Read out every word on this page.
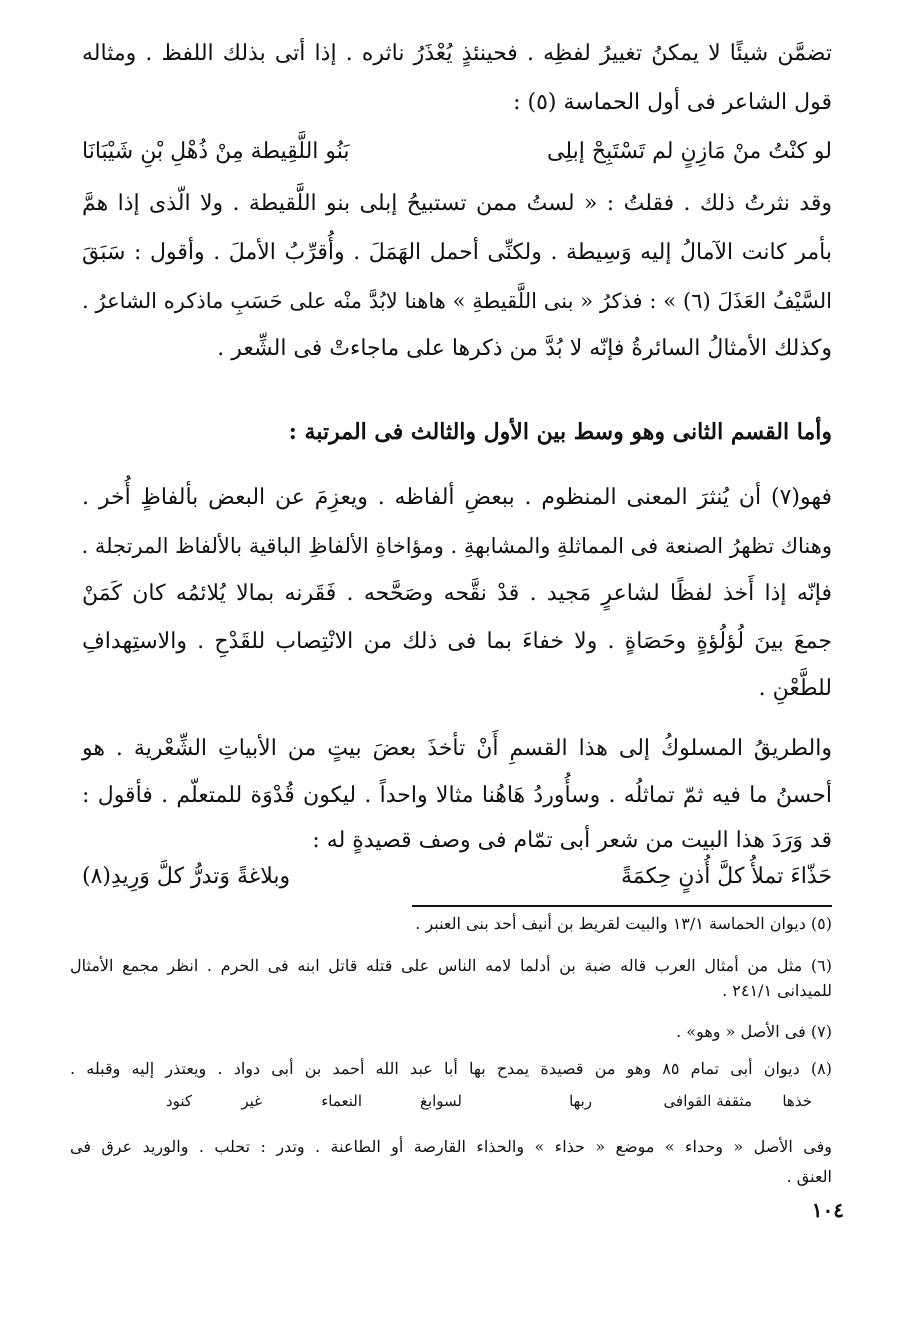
تضمَّن شيئًا لا يمكنُ تغييرُ لفظِه . فحينئذٍ يُعْذَرُ ناثره . إذا أتى بذلك اللفظ . ومثاله
قول الشاعر فى أول الحماسة (٥) :
لو كنْتُ منْ مَازِنٍ لم تَسْتَبِحْ إبلِى
بَنُو اللَّقِيطة مِنْ ذُهْلِ بْنِ شَيْبَانَا
وقد نثرتُ ذلك . فقلتُ : « لستُ ممن تستبيحُ إبلى بنو اللَّقيطة . ولا الّذى إذا همَّ
بأمر كانت الآمالُ إليه وَسِيطة . ولكنِّى أحمل الهَمَلَ . وأُقرِّبُ الأملَ . وأقول : سَبَقَ
السَّيْفُ العَذَلَ (٦) » : فذكرُ « بنى اللَّقيطةِ » هاهنا لابُدَّ منْه على حَسَبِ ماذكره الشاعرُ .
وكذلك الأمثالُ السائرةُ فإنّه لا بُدَّ من ذكرها على ماجاءتْ فى الشِّعر .
وأما القسم الثانى وهو وسط بين الأول والثالث فى المرتبة :
فهو(٧) أن يُنثرَ المعنى المنظوم . ببعضِ ألفاظه . ويعزِمَ عن البعض بألفاظٍ أُخر .
وهناك تظهرُ الصنعة فى المماثلةِ والمشابهةِ . ومؤاخاةِ الألفاظِ الباقية بالألفاظ المرتجلة .
فإنّه إذا أَخذ لفظًا لشاعرٍ مَجيد . قدْ نقَّحه وصَحَّحه . فَقَرنه بمالا يُلائمُه كان كَمَنْ
جمعَ بينَ لُؤلُؤةٍ وحَصَاةٍ . ولا خفاءَ بما فى ذلك من الانْتِصاب للقَدْحِ . والاستِهدافِ
للطَّعْنِ .
والطريقُ المسلوكُ إلى هذا القسمِ أَنْ تأخذَ بعضَ بيتٍ من الأبياتِ الشِّعْرية . هو
أحسنُ ما فيه ثمّ تماثلُه . وسأُوردُ هَاهُنا مثالا واحداً . ليكون قُدْوَة للمتعلّم . فأقول :
قد وَرَدَ هذا البيت من شعر أبى تمّام فى وصف قصيدةٍ له :
حَذّاءَ تملأُ كلَّ أُذنٍ حِكمَةً
وبلاغةً وَتدرُّ كلَّ وَرِيدِ(٨)
(٥) ديوان الحماسة ١٣/١ والبيت لقريط بن أنيف أحد بنى العنبر .
(٦) مثل من أمثال العرب قاله ضبة بن أدلما لامه الناس على قتله قاتل ابنه فى الحرم . انظر مجمع الأمثال
للميدانى ٢٤١/١ .
(٧) فى الأصل « وهو» .
(٨) ديوان أبى تمام ٨٥ وهو من قصيدة يمدح بها أبا عبد الله أحمد بن أبى دواد . ويعتذر إليه وقبله .
خذها
مثقفة القوافى
ربها
لسوابغ
النعماء
غير
كنود
وفى الأصل « وحداء » موضع « حذاء » والحذاء القارصة أو الطاعنة . وتدر : تحلب . والوريد عرق فى
العنق .
١٠٤
